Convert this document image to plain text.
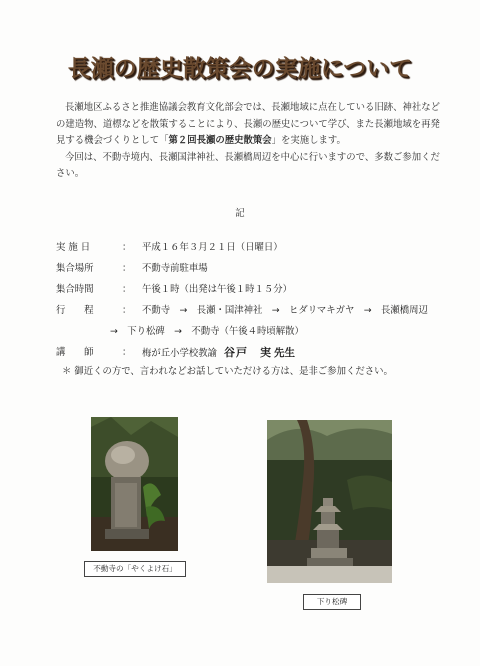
長瀬の歴史散策会の実施について

長瀬地区ふるさと推進協議会教育文化部会では、長瀬地域に点在している旧跡、神社などの建造物、道標などを散策することにより、長瀬の歴史について学び、また長瀬地域を再発見する機会づくりとして「第２回長瀬の歴史散策会」を実施します。

今回は、不動寺境内、長瀬国津神社、長瀬橋周辺を中心に行いますので、多数ご参加ください。

記
実 施 日	： 平成１６年３月２１日（日曜日）
集合場所	： 不動寺前駐車場
集合時間	： 午後１時（出発は午後１時１５分）
行　　程	： 不動寺　→　長瀬・国津神社　→　ヒダリマキガヤ　→　長瀬橋周辺
→　下り松碑　→　不動寺（午後４時頃解散）
講　　師	： 梅が丘小学校教諭 谷戸　実 先生
＊ 御近くの方で、言われなどお話していただける方は、是非ご参加ください。
不動寺の「やくよけ石」
下り松碑
